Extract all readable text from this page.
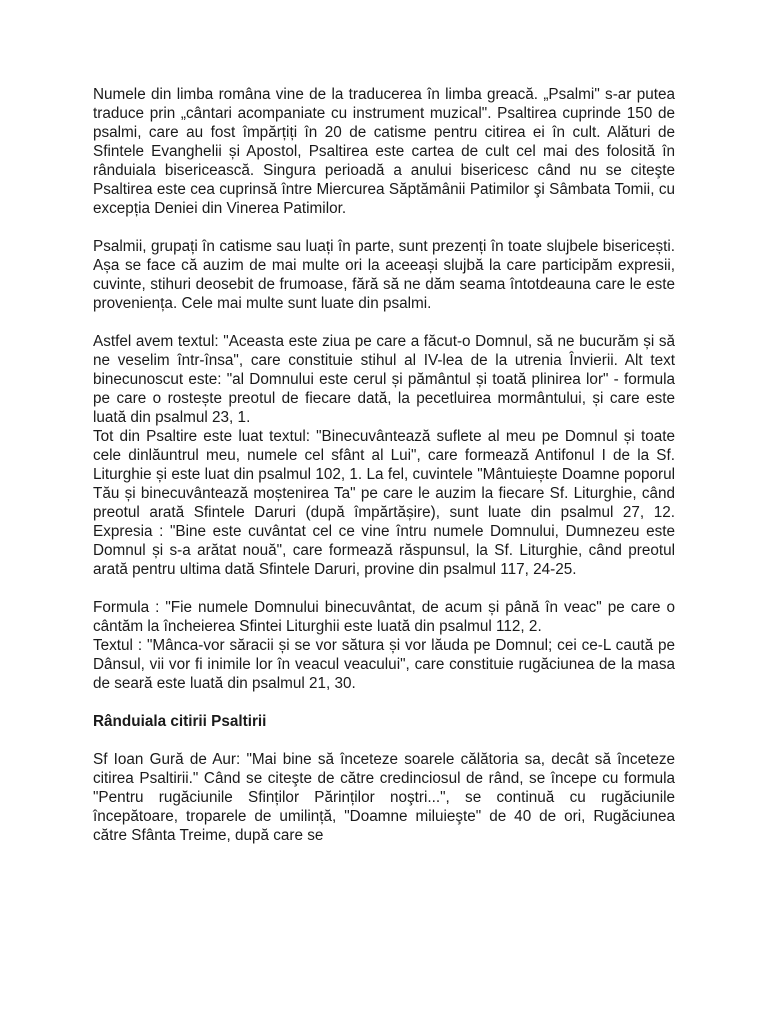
Numele din limba româna vine de la traducerea în limba greacă. „Psalmi" s-ar putea traduce prin „cântari acompaniate cu instrument muzical". Psaltirea cuprinde 150 de psalmi, care au fost împărțiți în 20 de catisme pentru citirea ei în cult. Alături de Sfintele Evanghelii și Apostol, Psaltirea este cartea de cult cel mai des folosită în rânduiala bisericească. Singura perioadă a anului bisericesc când nu se citeşte Psaltirea este cea cuprinsă între Miercurea Săptămânii Patimilor şi Sâmbata Tomii, cu excepția Deniei din Vinerea Patimilor.

Psalmii, grupați în catisme sau luați în parte, sunt prezenți în toate slujbele bisericești. Așa se face că auzim de mai multe ori la aceeași slujbă la care participăm expresii, cuvinte, stihuri deosebit de frumoase, fără să ne dăm seama întotdeauna care le este proveniența. Cele mai multe sunt luate din psalmi.

Astfel avem textul: "Aceasta este ziua pe care a făcut-o Domnul, să ne bucurăm și să ne veselim într-însa", care constituie stihul al IV-lea de la utrenia Învierii. Alt text binecunoscut este: "al Domnului este cerul și pământul și toată plinirea lor" - formula pe care o rostește preotul de fiecare dată, la pecetluirea mormântului, și care este luată din psalmul 23, 1.

Tot din Psaltire este luat textul: "Binecuvântează suflete al meu pe Domnul și toate cele dinlăuntrul meu, numele cel sfânt al Lui", care formează Antifonul I de la Sf. Liturghie și este luat din psalmul 102, 1. La fel, cuvintele "Mântuiește Doamne poporul Tău și binecuvântează moștenirea Ta" pe care le auzim la fiecare Sf. Liturghie, când preotul arată Sfintele Daruri (după împărtășire), sunt luate din psalmul 27, 12. Expresia : "Bine este cuvântat cel ce vine întru numele Domnului, Dumnezeu este Domnul și s-a arătat nouă", care formează răspunsul, la Sf. Liturghie, când preotul arată pentru ultima dată Sfintele Daruri, provine din psalmul 117, 24-25.

Formula : "Fie numele Domnului binecuvântat, de acum și până în veac" pe care o cântăm la încheierea Sfintei Liturghii este luată din psalmul 112, 2.

Textul : "Mânca-vor săracii și se vor sătura și vor lăuda pe Domnul; cei ce-L caută pe Dânsul, vii vor fi inimile lor în veacul veacului", care constituie rugăciunea de la masa de seară este luată din psalmul 21, 30.

Rânduiala citirii Psaltirii

Sf Ioan Gură de Aur: "Mai bine să înceteze soarele călătoria sa, decât să înceteze citirea Psaltirii." Când se citeşte de către credinciosul de rând, se începe cu formula "Pentru rugăciunile Sfinților Părinților noştri...", se continuă cu rugăciunile începătoare, troparele de umilință, "Doamne miluieşte" de 40 de ori, Rugăciunea către Sfânta Treime, după care se
